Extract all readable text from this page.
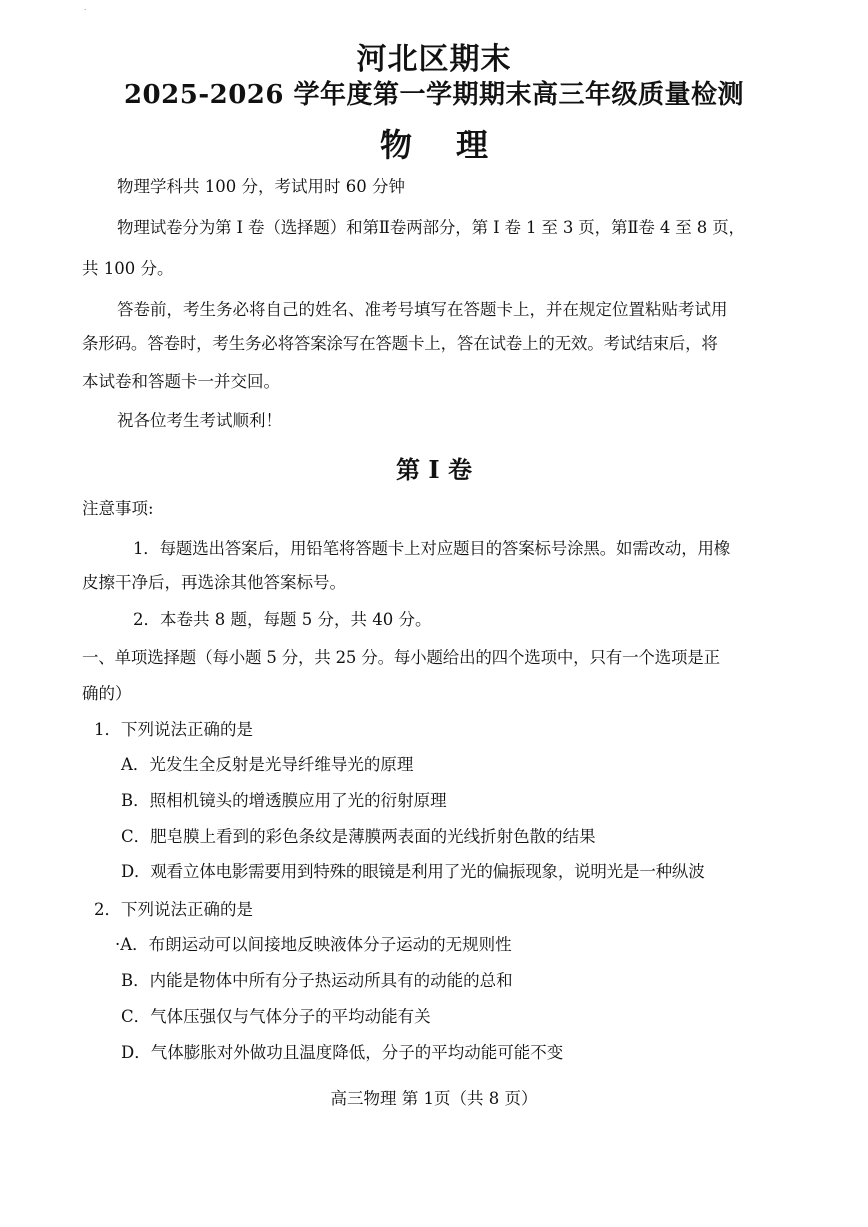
·
河北区期末
2025-2026 学年度第一学期期末高三年级质量检测
物 理
物理学科共 100 分，考试用时 60 分钟
物理试卷分为第 I 卷（选择题）和第Ⅱ卷两部分，第 I 卷 1 至 3 页，第Ⅱ卷 4 至 8 页，
共 100 分。
答卷前，考生务必将自己的姓名、准考号填写在答题卡上，并在规定位置粘贴考试用
条形码。答卷时，考生务必将答案涂写在答题卡上，答在试卷上的无效。考试结束后，将
本试卷和答题卡一并交回。
祝各位考生考试顺利！
第 I 卷
注意事项:
1．每题选出答案后，用铅笔将答题卡上对应题目的答案标号涂黑。如需改动，用橡
皮擦干净后，再选涂其他答案标号。
2．本卷共 8 题，每题 5 分，共 40 分。
一、单项选择题（每小题 5 分，共 25 分。每小题给出的四个选项中，只有一个选项是正
确的）
1．下列说法正确的是
A．光发生全反射是光导纤维导光的原理
B．照相机镜头的增透膜应用了光的衍射原理
C．肥皂膜上看到的彩色条纹是薄膜两表面的光线折射色散的结果
D．观看立体电影需要用到特殊的眼镜是利用了光的偏振现象，说明光是一种纵波
2．下列说法正确的是
·A．布朗运动可以间接地反映液体分子运动的无规则性
B．内能是物体中所有分子热运动所具有的动能的总和
C．气体压强仅与气体分子的平均动能有关
D．气体膨胀对外做功且温度降低，分子的平均动能可能不变
高三物理 第 1页（共 8 页）
